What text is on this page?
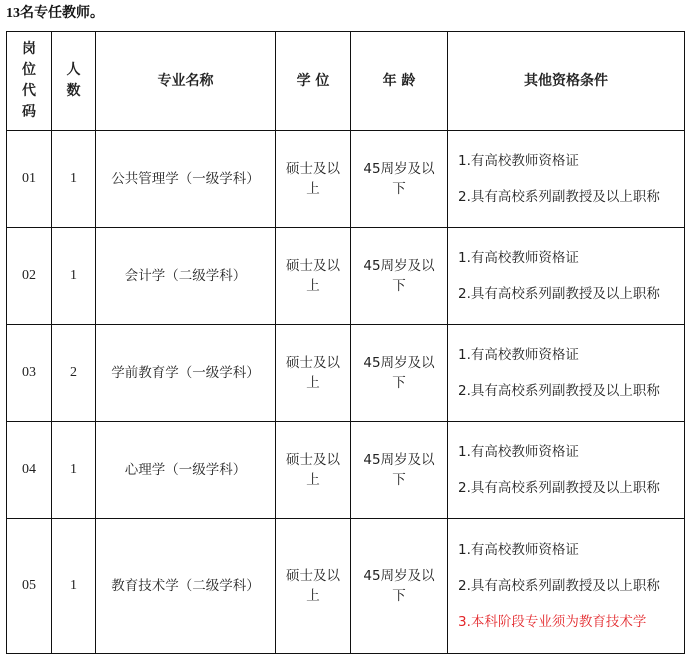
13名专任教师。
岗位代码	人数	专业名称	学 位	年 龄	其他资格条件
01	1	公共管理学（一级学科）	硕士及以上	45周岁及以下	1.有高校教师资格证

2.具有高校系列副教授及以上职称

02	1	会计学（二级学科）	硕士及以上	45周岁及以下	1.有高校教师资格证

2.具有高校系列副教授及以上职称

03	2	学前教育学（一级学科）	硕士及以上	45周岁及以下	1.有高校教师资格证

2.具有高校系列副教授及以上职称

04	1	心理学（一级学科）	硕士及以上	45周岁及以下	1.有高校教师资格证

2.具有高校系列副教授及以上职称

05	1	教育技术学（二级学科）	硕士及以上	45周岁及以下	1.有高校教师资格证

2.具有高校系列副教授及以上职称

3.本科阶段专业须为教育技术学
